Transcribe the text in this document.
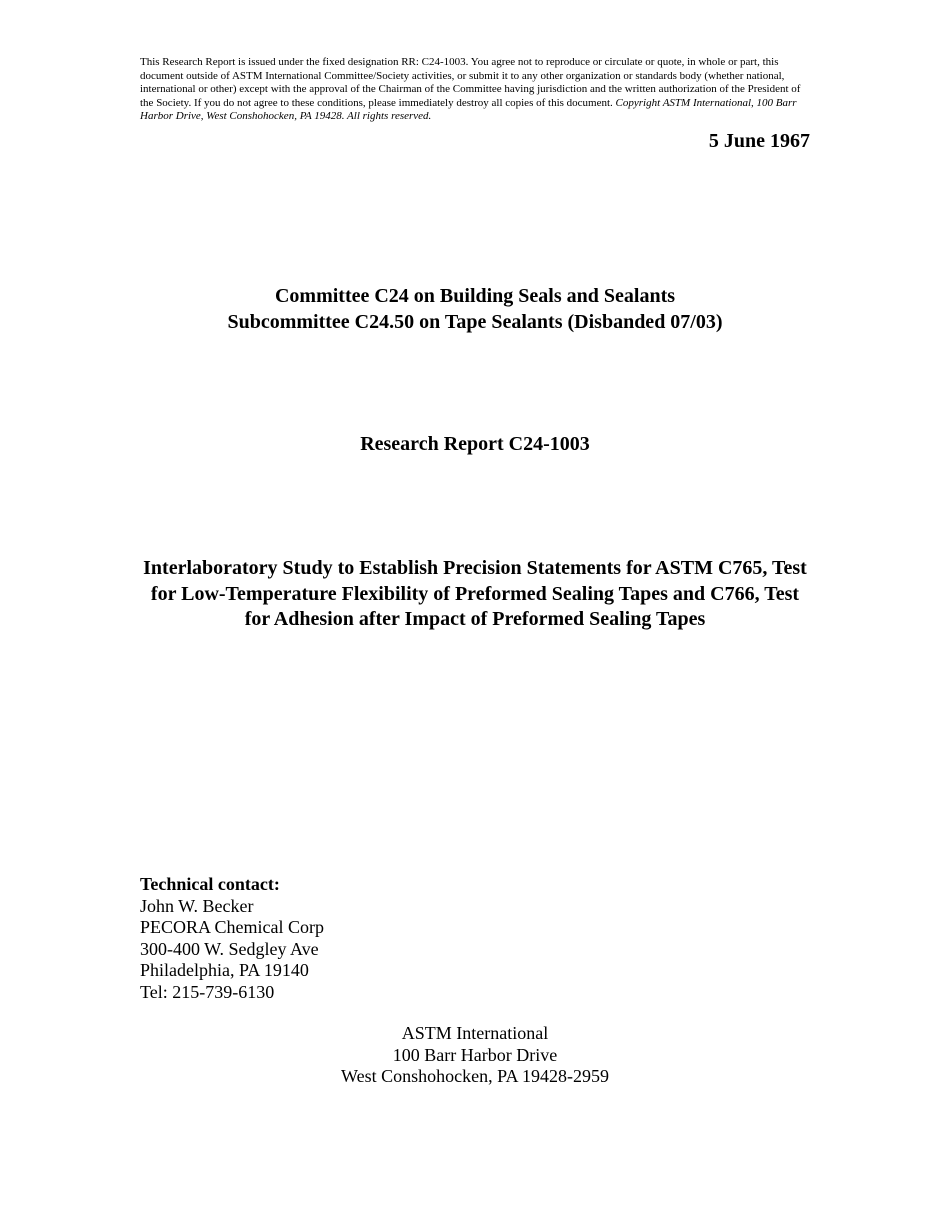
This Research Report is issued under the fixed designation RR: C24-1003. You agree not to reproduce or circulate or quote, in whole or part, this document outside of ASTM International Committee/Society activities, or submit it to any other organization or standards body (whether national, international or other) except with the approval of the Chairman of the Committee having jurisdiction and the written authorization of the President of the Society. If you do not agree to these conditions, please immediately destroy all copies of this document. Copyright ASTM International, 100 Barr Harbor Drive, West Conshohocken, PA 19428. All rights reserved.
5 June 1967
Committee C24 on Building Seals and Sealants
Subcommittee C24.50 on Tape Sealants (Disbanded 07/03)
Research Report C24-1003
Interlaboratory Study to Establish Precision Statements for ASTM C765, Test for Low-Temperature Flexibility of Preformed Sealing Tapes and C766, Test for Adhesion after Impact of Preformed Sealing Tapes
Technical contact:
John W. Becker
PECORA Chemical Corp
300-400 W. Sedgley Ave
Philadelphia, PA 19140
Tel: 215-739-6130
ASTM International
100 Barr Harbor Drive
West Conshohocken, PA 19428-2959
